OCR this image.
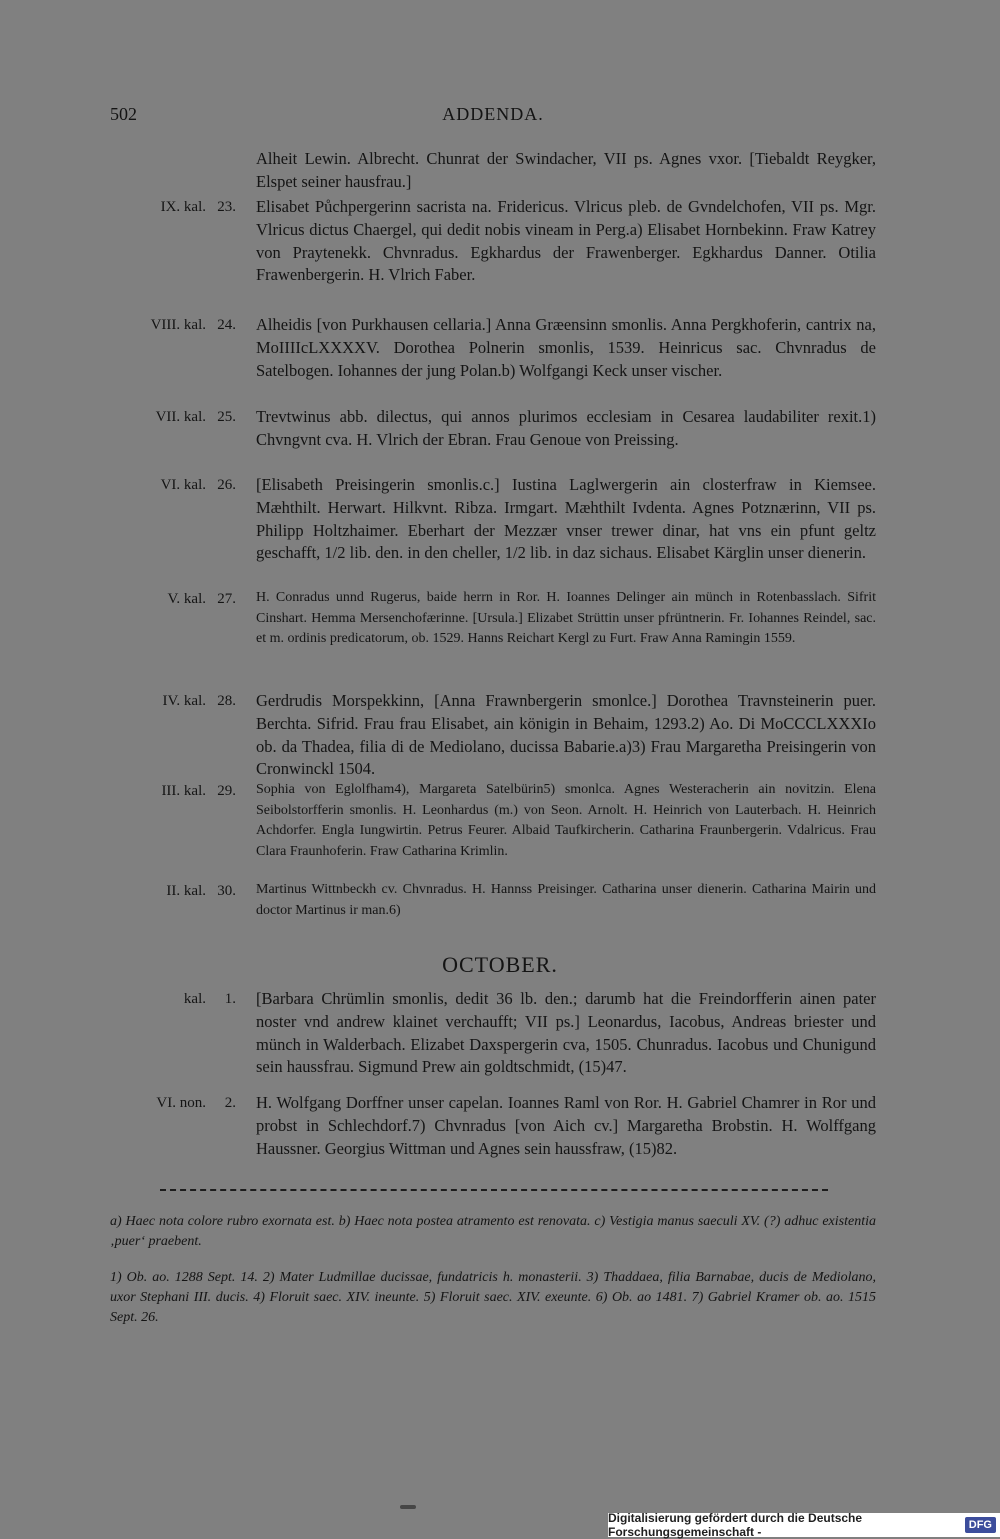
502	ADDENDA.
Alheit Lewin. Albrecht. Chunrat der Swindacher, VII ps. Agnes vxor. [Tiebaldt Reygker, Elspet seiner hausfrau.]
IX. kal. 23. Elisabet Půchpergerinn sacrista na. Fridericus. Vlricus pleb. de Gvndelchofen, VII ps. Mgr. Vlricus dictus Chaergel, qui dedit nobis vineam in Perg.a) Elisabet Hornbekinn. Fraw Katrey von Praytenekk. Chvnradus. Egkhardus der Frawenberger. Egkhardus Danner. Otilia Frawenbergerin. H. Vlrich Faber.
VIII. kal. 24. Alheidis [von Purkhausen cellaria.] Anna Græensinn smonlis. Anna Pergkhoferin, cantrix na, MoIIIIcLXXXXV. Dorothea Polnerin smonlis, 1539. Heinricus sac. Chvnradus de Satelbogen. Iohannes der jung Polan.b) Wolfgangi Keck unser vischer.
VII. kal. 25. Trevtwinus abb. dilectus, qui annos plurimos ecclesiam in Cesarea laudabiliter rexit.1) Chvngvnt cva. H. Vlrich der Ebran. Frau Genoue von Preissing.
VI. kal. 26. [Elisabeth Preisingerin smonlis.c.] Iustina Laglwergerin ain closterfraw in Kiemsee. Mæhthilt. Herwart. Hilkvnt. Ribza. Irmgart. Mæhthilt Ivdenta. Agnes Potznærinn, VII ps. Philipp Holtzhaimer. Eberhart der Mezzær vnser trewer dinar, hat vns ein pfunt geltz geschafft, 1/2 lib. den. in den cheller, 1/2 lib. in daz sichaus. Elisabet Kärglin unser dienerin.
V. kal. 27. H. Conradus unnd Rugerus, baide herrn in Ror. H. Ioannes Delinger ain münch in Rotenbasslach. Sifrit Cinshart. Hemma Mersenchofærinne. [Ursula.] Elizabet Strüttin unser pfrüntnerin. Fr. Iohannes Reindel, sac. et m. ordinis predicatorum, ob. 1529. Hanns Reichart Kergl zu Furt. Fraw Anna Ramingin 1559.
IV. kal. 28. Gerdrudis Morspekkinn, [Anna Frawnbergerin smonlce.] Dorothea Travnsteinerin puer. Berchta. Sifrid. Frau frau Elisabet, ain königin in Behaim, 1293.2) Ao. Di MoCCCLXXXIo ob. da Thadea, filia di de Mediolano, ducissa Babarie.a)3) Frau Margaretha Preisingerin von Cronwinckl 1504.
III. kal. 29. Sophia von Eglolfham4), Margareta Satelbürin5) smonlca. Agnes Westeracherin ain novitzin. Elena Seibolstorfferin smonlis. H. Leonhardus (m.) von Seon. Arnolt. H. Heinrich von Lauterbach. H. Heinrich Achdorfer. Engla Iungwirtin. Petrus Feurer. Albaid Taufkircherin. Catharina Fraunbergerin. Vdalricus. Frau Clara Fraunhoferin. Fraw Catharina Krimlin.
II. kal. 30. Martinus Wittnbeckh cv. Chvnradus. H. Hannss Preisinger. Catharina unser dienerin. Catharina Mairin und doctor Martinus ir man.6)
OCTOBER.
kal.	1. [Barbara Chrümlin smonlis, dedit 36 lb. den.; darumb hat die Freindorfferin ainen pater noster vnd andrew klainet verchaufft; VII ps.] Leonardus, Iacobus, Andreas briester und münch in Walderbach. Elizabet Daxspergerin cva, 1505. Chunradus. Iacobus und Chunigund sein haussfrau. Sigmund Prew ain goldtschmidt, (15)47.
VI. non.	2. H. Wolfgang Dorffner unser capelan. Ioannes Raml von Ror. H. Gabriel Chamrer in Ror und probst in Schlechdorf.7) Chvnradus [von Aich cv.] Margaretha Brobstin. H. Wolffgang Haussner. Georgius Wittman und Agnes sein haussfraw, (15)82.
a) Haec nota colore rubro exornata est. b) Haec nota postea atramento est renovata. c) Vestigia manus saeculi XV. (?) adhuc existentia ‚puer‘ praebent.
1) Ob. ao. 1288 Sept. 14. 2) Mater Ludmillae ducissae, fundatricis h. monasterii. 3) Thaddaea, filia Barnabae, ducis de Mediolano, uxor Stephani III. ducis. 4) Floruit saec. XIV. ineunte. 5) Floruit saec. XIV. exeunte. 6) Ob. ao 1481. 7) Gabriel Kramer ob. ao. 1515 Sept. 26.
Digitalisierung gefördert durch die Deutsche Forschungsgemeinschaft -	DFG
